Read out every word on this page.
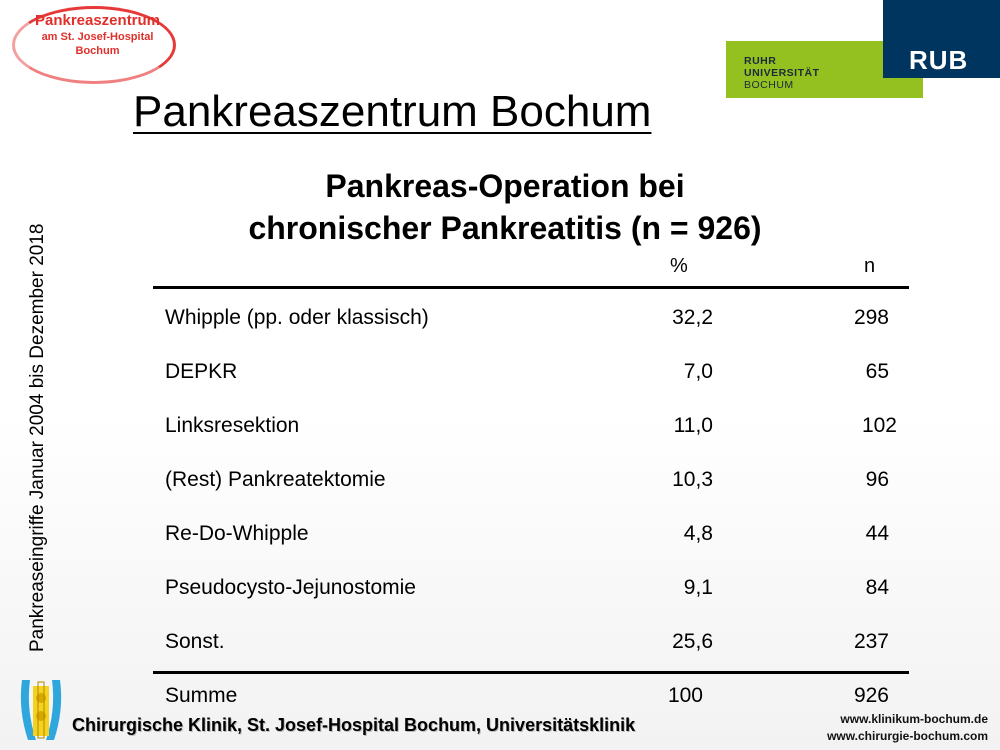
Pankreaszentrum
am St. Josef-Hospital
Bochum
RUHR
UNIVERSITÄT
BOCHUM
RUB
Pankreaszentrum Bochum
Pankreas-Operation bei
chronischer Pankreatitis (n = 926)
Pankreaseingriffe Januar 2004 bis Dezember 2018	%	n
Whipple (pp. oder klassisch)	32,2	298
DEPKR	7,0	65
Linksresektion	11,0	102
(Rest) Pankreatektomie	10,3	96
Re-Do-Whipple	4,8	44
Pseudocysto-Jejunostomie	9,1	84
Sonst.	25,6	237
Summe	100	926
Chirurgische Klinik, St. Josef-Hospital Bochum, Universitätsklinik	www.klinikum-bochum.de
www.chirurgie-bochum.com
